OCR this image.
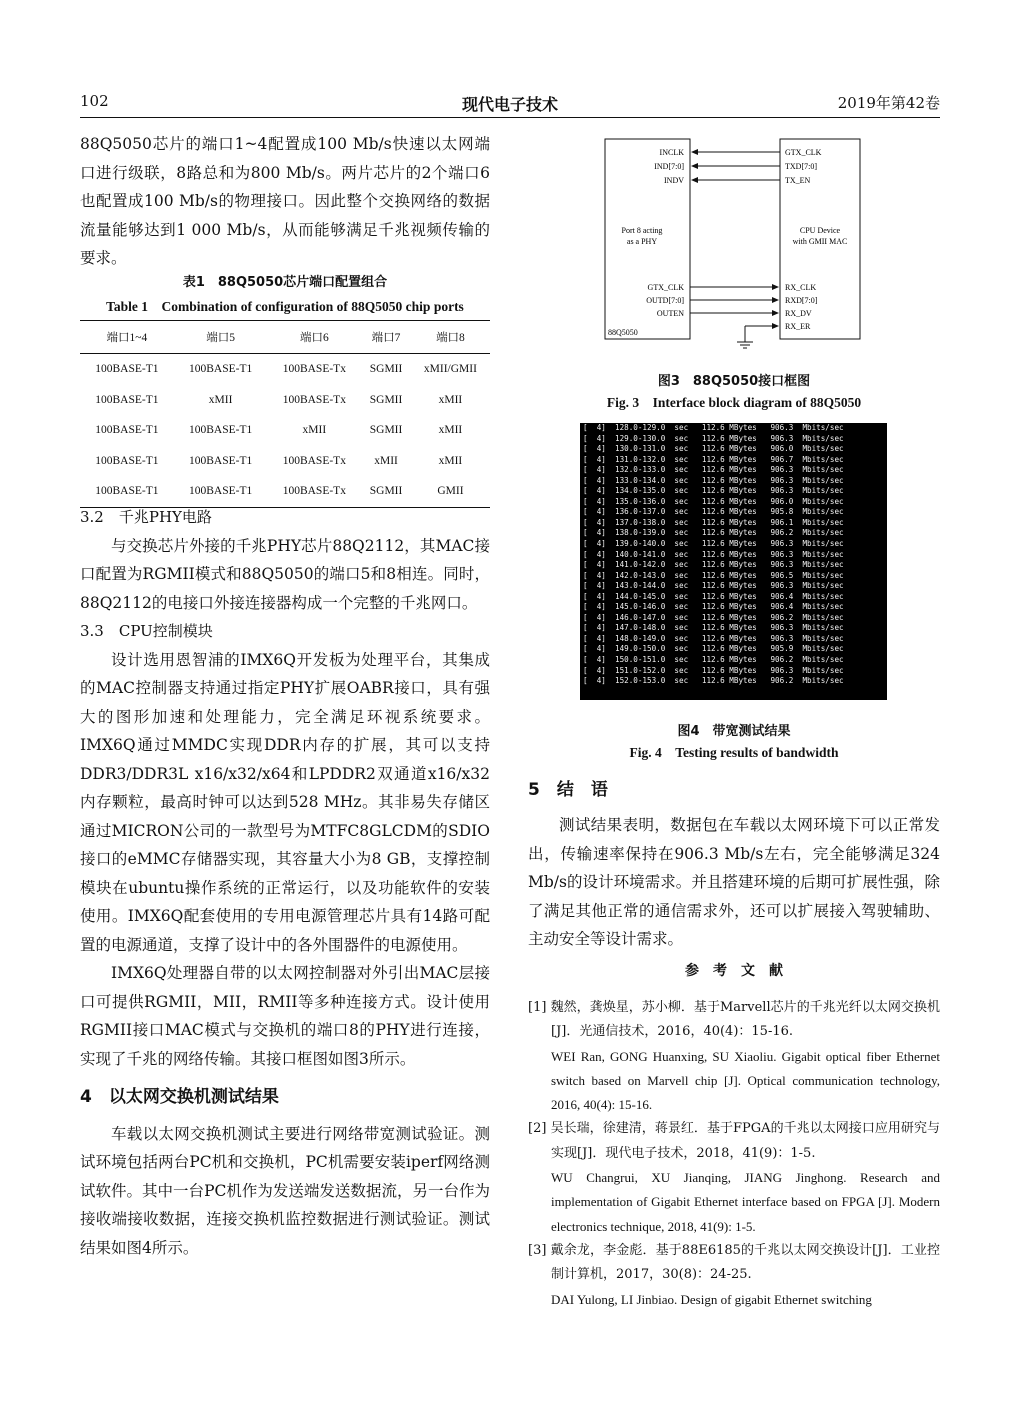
102	现代电子技术	2019年第42卷

88Q5050芯片的端口1~4配置成100 Mb/s快速以太网端口进行级联，8路总和为800 Mb/s。两片芯片的2个端口6也配置成100 Mb/s的物理接口。因此整个交换网络的数据流量能够达到1 000 Mb/s，从而能够满足千兆视频传输的要求。

表1　88Q5050芯片端口配置组合
Table 1　Combination of configuration of 88Q5050 chip ports
端口1~4	端口5	端口6	端口7	端口8
100BASE-T1	100BASE-T1	100BASE-Tx	SGMII	xMII/GMII
100BASE-T1	xMII	100BASE-Tx	SGMII	xMII
100BASE-T1	100BASE-T1	xMII	SGMII	xMII
100BASE-T1	100BASE-T1	100BASE-Tx	xMII	xMII
100BASE-T1	100BASE-T1	100BASE-Tx	SGMII	GMII

3.2　千兆PHY电路

与交换芯片外接的千兆PHY芯片88Q2112，其MAC接口配置为RGMII模式和88Q5050的端口5和8相连。同时，88Q2112的电接口外接连接器构成一个完整的千兆网口。

3.3　CPU控制模块

设计选用恩智浦的IMX6Q开发板为处理平台，其集成的MAC控制器支持通过指定PHY扩展OABR接口，具有强大的图形加速和处理能力，完全满足环视系统要求。IMX6Q通过MMDC实现DDR内存的扩展，其可以支持DDR3/DDR3L x16/x32/x64和LPDDR2双通道x16/x32内存颗粒，最高时钟可以达到528 MHz。其非易失存储区通过MICRON公司的一款型号为MTFC8GLCDM的SDIO接口的eMMC存储器实现，其容量大小为8 GB，支撑控制模块在ubuntu操作系统的正常运行，以及功能软件的安装使用。IMX6Q配套使用的专用电源管理芯片具有14路可配置的电源通道，支撑了设计中的各外围器件的电源使用。

IMX6Q处理器自带的以太网控制器对外引出MAC层接口可提供RGMII，MII，RMII等多种连接方式。设计使用RGMII接口MAC模式与交换机的端口8的PHY进行连接，实现了千兆的网络传输。其接口框图如图3所示。

4　以太网交换机测试结果

车载以太网交换机测试主要进行网络带宽测试验证。测试环境包括两台PC机和交换机，PC机需要安装iperf网络测试软件。其中一台PC机作为发送端发送数据流，另一台作为接收端接收数据，连接交换机监控数据进行测试验证。测试结果如图4所示。

INCLK
IND[7:0]
INDV
Port 8 acting
as a PHY
GTX_CLK
OUTD[7:0]
OUTEN
88Q5050
GTX_CLK
TXD[7:0]
TX_EN
CPU Device
with GMII MAC
RX_CLK
RXD[7:0]
RX_DV
RX_ER
图3　88Q5050接口框图
Fig. 3　Interface block diagram of 88Q5050
[  4]  128.0-129.0  sec   112.6 MBytes   906.3  Mbits/sec
[  4]  129.0-130.0  sec   112.6 MBytes   906.3  Mbits/sec
[  4]  130.0-131.0  sec   112.6 MBytes   906.0  Mbits/sec
[  4]  131.0-132.0  sec   112.6 MBytes   906.7  Mbits/sec
[  4]  132.0-133.0  sec   112.6 MBytes   906.3  Mbits/sec
[  4]  133.0-134.0  sec   112.6 MBytes   906.3  Mbits/sec
[  4]  134.0-135.0  sec   112.6 MBytes   906.3  Mbits/sec
[  4]  135.0-136.0  sec   112.6 MBytes   906.0  Mbits/sec
[  4]  136.0-137.0  sec   112.6 MBytes   905.8  Mbits/sec
[  4]  137.0-138.0  sec   112.6 MBytes   906.1  Mbits/sec
[  4]  138.0-139.0  sec   112.6 MBytes   906.2  Mbits/sec
[  4]  139.0-140.0  sec   112.6 MBytes   906.3  Mbits/sec
[  4]  140.0-141.0  sec   112.6 MBytes   906.3  Mbits/sec
[  4]  141.0-142.0  sec   112.6 MBytes   906.3  Mbits/sec
[  4]  142.0-143.0  sec   112.6 MBytes   906.5  Mbits/sec
[  4]  143.0-144.0  sec   112.6 MBytes   906.3  Mbits/sec
[  4]  144.0-145.0  sec   112.6 MBytes   906.4  Mbits/sec
[  4]  145.0-146.0  sec   112.6 MBytes   906.4  Mbits/sec
[  4]  146.0-147.0  sec   112.6 MBytes   906.2  Mbits/sec
[  4]  147.0-148.0  sec   112.6 MBytes   906.3  Mbits/sec
[  4]  148.0-149.0  sec   112.6 MBytes   906.3  Mbits/sec
[  4]  149.0-150.0  sec   112.6 MBytes   905.9  Mbits/sec
[  4]  150.0-151.0  sec   112.6 MBytes   906.2  Mbits/sec
[  4]  151.0-152.0  sec   112.6 MBytes   906.3  Mbits/sec
[  4]  152.0-153.0  sec   112.6 MBytes   906.2  Mbits/sec
图4　带宽测试结果
Fig. 4　Testing results of bandwidth
5　结　语

测试结果表明，数据包在车载以太网环境下可以正常发出，传输速率保持在906.3 Mb/s左右，完全能够满足324 Mb/s的设计环境需求。并且搭建环境的后期可扩展性强，除了满足其他正常的通信需求外，还可以扩展接入驾驶辅助、主动安全等设计需求。

参　考　文　献
[1] 魏然，龚焕星，苏小柳．基于Marvell芯片的千兆光纤以太网交换机[J]．光通信技术，2016，40(4)：15-16.
WEI Ran, GONG Huanxing, SU Xiaoliu. Gigabit optical fiber Ethernet switch based on Marvell chip [J]. Optical communication technology, 2016, 40(4): 15-16.
[2] 吴长瑞，徐建清，蒋景红．基于FPGA的千兆以太网接口应用研究与实现[J]．现代电子技术，2018，41(9)：1-5.
WU Changrui, XU Jianqing, JIANG Jinghong. Research and implementation of Gigabit Ethernet interface based on FPGA [J]. Modern electronics technique, 2018, 41(9): 1-5.
[3] 戴余龙，李金彪．基于88E6185的千兆以太网交换设计[J]．工业控制计算机，2017，30(8)：24-25.
DAI Yulong, LI Jinbiao. Design of gigabit Ethernet switching
